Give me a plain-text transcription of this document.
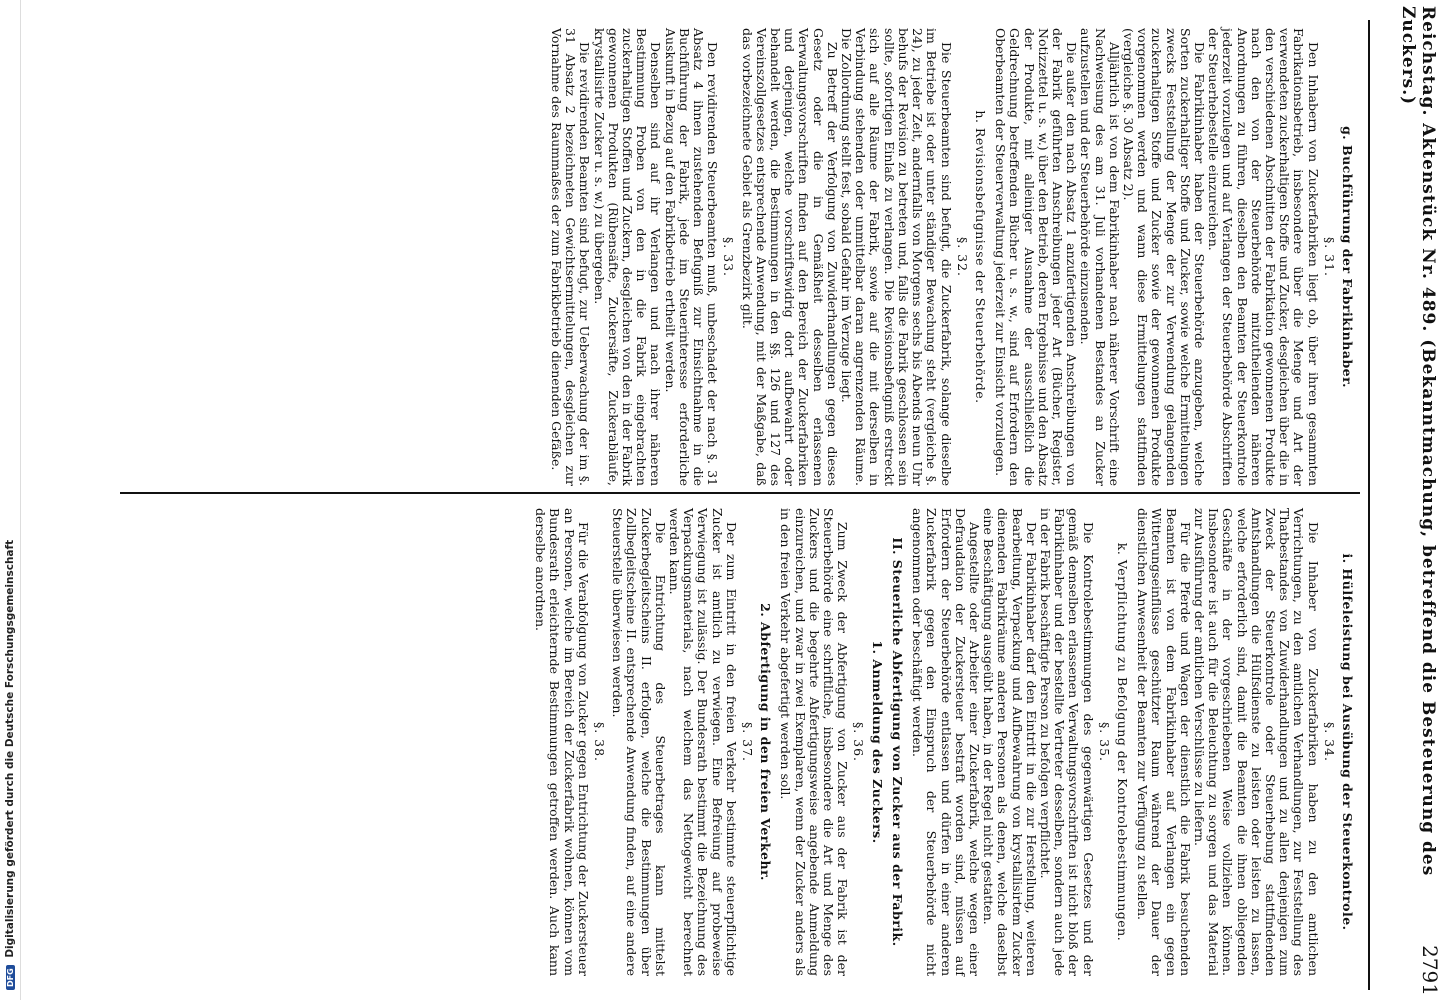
DFG Digitalisierung gefördert durch die Deutsche Forschungsgemeinschaft	Reichstag. Aktenstück Nr. 489. (Bekanntmachung, betreffend die Besteuerung des Zuckers.)
2791
g. Buchführung der Fabrikinhaber.
§. 31.

Den Inhabern von Zuckerfabriken liegt ob, über ihren gesammten Fabrikationsbetrieb, insbesondere über die Menge und Art der verwendeten zuckerhaltigen Stoffe und Zucker, desgleichen über die in den verschiedenen Abschnitten der Fabrikation gewonnenen Produkte nach den von der Steuerbehörde mitzutheilenden näheren Anordnungen zu führen, dieselben den Beamten der Steuerkontrole jederzeit vorzulegen und auf Verlangen der Steuerbehörde Abschriften der Steuerhebestelle einzureichen.

Die Fabrikinhaber haben der Steuerbehörde anzugeben, welche Sorten zuckerhaltiger Stoffe und Zucker, sowie welche Ermittelungen zwecks Feststellung der Menge der zur Verwendung gelangenden zuckerhaltigen Stoffe und Zucker sowie der gewonnenen Produkte vorgenommen werden und wann diese Ermittelungen stattfinden (vergleiche §. 30 Absatz 2).

Alljährlich ist von dem Fabrikinhaber nach näherer Vorschrift eine Nachweisung des am 31. Juli vorhandenen Bestandes an Zucker aufzustellen und der Steuerbehörde einzusenden.

Die außer den nach Absatz 1 anzufertigenden Anschreibungen von der Fabrik geführten Anschreibungen jeder Art (Bücher, Register, Notizzettel u. s. w.) über den Betrieb, deren Ergebnisse und den Absatz der Produkte, mit alleiniger Ausnahme der ausschließlich die Geldrechnung betreffenden Bücher u. s. w., sind auf Erfordern den Oberbeamten der Steuerverwaltung jederzeit zur Einsicht vorzulegen.

h. Revisionsbefugnisse der Steuerbehörde.
§. 32.

Die Steuerbeamten sind befugt, die Zuckerfabrik, solange dieselbe im Betriebe ist oder unter ständiger Bewachung steht (vergleiche §. 24), zu jeder Zeit, andernfalls von Morgens sechs bis Abends neun Uhr behufs der Revision zu betreten und, falls die Fabrik geschlossen sein sollte, sofortigen Einlaß zu verlangen. Die Revisionsbefugniß erstreckt sich auf alle Räume der Fabrik, sowie auf die mit derselben in Verbindung stehenden oder unmittelbar daran angrenzenden Räume. Die Zollordnung stellt fest, sobald Gefahr im Verzuge liegt.

Zu Betreff der Verfolgung von Zuwiderhandlungen gegen dieses Gesetz oder die in Gemäßheit desselben erlassenen Verwaltungsvorschriften finden auf den Bereich der Zuckerfabriken und derjenigen, welche vorschriftswidrig dort aufbewahrt oder behandelt werden, die Bestimmungen in den §§. 126 und 127 des Vereinszollgesetzes entsprechende Anwendung, mit der Maßgabe, daß das vorbezeichnete Gebiet als Grenzbezirk gilt.

§. 33.

Den revidirenden Steuerbeamten muß, unbeschadet der nach §. 31 Absatz 4 ihnen zustehenden Befugniß zur Einsichtnahme in die Buchführung der Fabrik, jede im Steuerinteresse erforderliche Auskunft in Bezug auf den Fabrikbetrieb ertheilt werden.

Denselben sind auf ihr Verlangen und nach ihrer näheren Bestimmung Proben von den in die Fabrik eingebrachten zuckerhaltigen Stoffen und Zuckern, desgleichen von den in der Fabrik gewonnenen Produkten (Rübensäfte, Zuckersäfte, Zuckerabläufe, krystallisirte Zucker u. s. w.) zu übergeben.

Die revidirenden Beamten sind befugt, zur Ueberwachung der im §. 31 Absatz 2 bezeichneten Gewichtsermittelungen, desgleichen zur Vornahme des Raummaßes der zum Fabrikbetrieb dienenden Gefäße.

i. Hülfeleistung bei Ausübung der Steuerkontrole.
§. 34.

Die Inhaber von Zuckerfabriken haben zu den amtlichen Verrichtungen, zu den amtlichen Verhandlungen, zur Feststellung des Thatbestandes von Zuwiderhandlungen und zu allen denjenigen zum Zweck der Steuerkontrole oder Steuerhebung stattfindenden Amtshandlungen die Hülfsdienste zu leisten oder leisten zu lassen, welche erforderlich sind, damit die Beamten die ihnen obliegenden Geschäfte in der vorgeschriebenen Weise vollziehen können. Insbesondere ist auch für die Beleuchtung zu sorgen und das Material zur Ausführung der amtlichen Verschlüsse zu liefern.

Für die Pferde und Wagen der dienstlich die Fabrik besuchenden Beamten ist von dem Fabrikinhaber auf Verlangen ein gegen Witterungseinflüsse geschützter Raum während der Dauer der dienstlichen Anwesenheit der Beamten zur Verfügung zu stellen.

k. Verpflichtung zu Befolgung der Kontrolebestimmungen.
§. 35.

Die Kontrolebestimmungen des gegenwärtigen Gesetzes und der gemäß demselben erlassenen Verwaltungsvorschriften ist nicht bloß der Fabrikinhaber und der bestellte Vertreter desselben, sondern auch jede in der Fabrik beschäftigte Person zu befolgen verpflichtet.

Der Fabrikinhaber darf den Eintritt in die zur Herstellung, weiteren Bearbeitung, Verpackung und Aufbewahrung von krystallisirtem Zucker dienenden Fabrikräume anderen Personen als denen, welche daselbst eine Beschäftigung ausgeübt haben, in der Regel nicht gestatten.

Angestellte oder Arbeiter einer Zuckerfabrik, welche wegen einer Defraudation der Zuckersteuer bestraft worden sind, müssen auf Erfordern der Steuerbehörde entlassen und dürfen in einer anderen Zuckerfabrik gegen den Einspruch der Steuerbehörde nicht angenommen oder beschäftigt werden.

II. Steuerliche Abfertigung von Zucker aus der Fabrik.
1. Anmeldung des Zuckers.
§. 36.

Zum Zweck der Abfertigung von Zucker aus der Fabrik ist der Steuerbehörde eine schriftliche, insbesondere die Art und Menge des Zuckers und die begehrte Abfertigungsweise angebende Anmeldung einzureichen, und zwar in zwei Exemplaren, wenn der Zucker anders als in den freien Verkehr abgefertigt werden soll.

2. Abfertigung in den freien Verkehr.
§. 37.

Der zum Eintritt in den freien Verkehr bestimmte steuerpflichtige Zucker ist amtlich zu verwiegen. Eine Befreiung auf probeweise Verwiegung ist zulässig. Der Bundesrath bestimmt die Bezeichnung des Verpackungsmaterials, nach welchem das Nettogewicht berechnet werden kann.

Die Entrichtung des Steuerbetrages kann mittelst Zuckerbegleitscheins II. erfolgen, welche die Bestimmungen über Zollbegleitscheine II. entsprechende Anwendung finden, auf eine andere Steuerstelle überwiesen werden.

§. 38.

Für die Verabfolgung von Zucker gegen Entrichtung der Zuckersteuer an Personen, welche im Bereich der Zuckerfabrik wohnen, können vom Bundesrath erleichternde Bestimmungen getroffen werden. Auch kann derselbe anordnen.
